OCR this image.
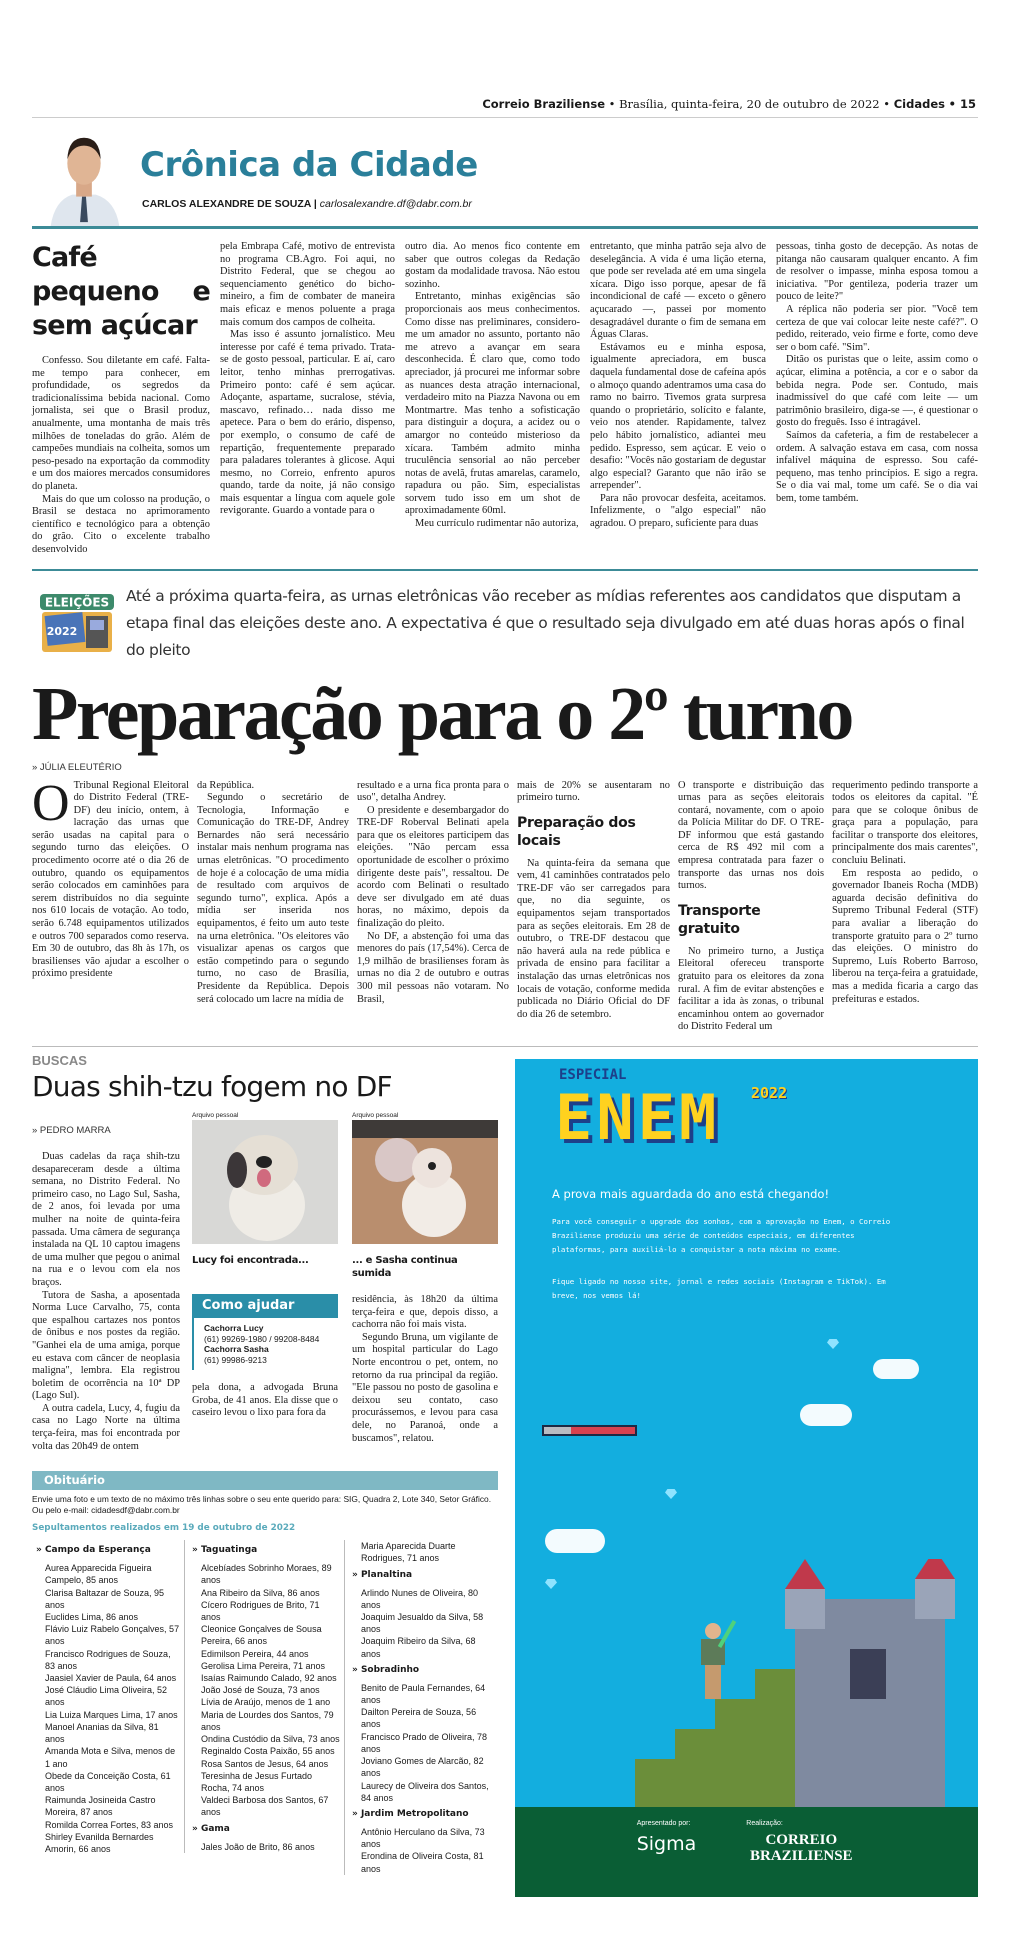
Correio Braziliense • Brasília, quinta-feira, 20 de outubro de 2022 • Cidades • 15
Crônica da Cidade
CARLOS ALEXANDRE DE SOUZA | carlosalexandre.df@dabr.com.br
Café pequeno e sem açúcar

Confesso. Sou diletante em café. Falta-me tempo para conhecer, em profundidade, os segredos da tradicionalíssima bebida nacional. Como jornalista, sei que o Brasil produz, anualmente, uma montanha de mais três milhões de toneladas do grão. Além de campeões mundiais na colheita, somos um peso-pesado na exportação da commodity e um dos maiores mercados consumidores do planeta.

Mais do que um colosso na produção, o Brasil se destaca no aprimoramento científico e tecnológico para a obtenção do grão. Cito o excelente trabalho desenvolvido

pela Embrapa Café, motivo de entrevista no programa CB.Agro. Foi aqui, no Distrito Federal, que se chegou ao sequenciamento genético do bicho-mineiro, a fim de combater de maneira mais eficaz e menos poluente a praga mais comum dos campos de colheita.

Mas isso é assunto jornalístico. Meu interesse por café é tema privado. Trata-se de gosto pessoal, particular. E aí, caro leitor, tenho minhas prerrogativas. Primeiro ponto: café é sem açúcar. Adoçante, aspartame, sucralose, stévia, mascavo, refinado… nada disso me apetece. Para o bem do erário, dispenso, por exemplo, o consumo de café de repartição, frequentemente preparado para paladares tolerantes à glicose. Aqui mesmo, no Correio, enfrento apuros quando, tarde da noite, já não consigo mais esquentar a língua com aquele gole revigorante. Guardo a vontade para o

outro dia. Ao menos fico contente em saber que outros colegas da Redação gostam da modalidade travosa. Não estou sozinho.

Entretanto, minhas exigências são proporcionais aos meus conhecimentos. Como disse nas preliminares, considero-me um amador no assunto, portanto não me atrevo a avançar em seara desconhecida. É claro que, como todo apreciador, já procurei me informar sobre as nuances desta atração internacional, verdadeiro mito na Piazza Navona ou em Montmartre. Mas tenho a sofisticação para distinguir a doçura, a acidez ou o amargor no conteúdo misterioso da xícara. Também admito minha truculência sensorial ao não perceber notas de avelã, frutas amarelas, caramelo, rapadura ou pão. Sim, especialistas sorvem tudo isso em um shot de aproximadamente 60ml.

Meu currículo rudimentar não autoriza,

entretanto, que minha patrão seja alvo de deselegância. A vida é uma lição eterna, que pode ser revelada até em uma singela xícara. Digo isso porque, apesar de fã incondicional de café — exceto o gênero açucarado —, passei por momento desagradável durante o fim de semana em Águas Claras.

Estávamos eu e minha esposa, igualmente apreciadora, em busca daquela fundamental dose de cafeína após o almoço quando adentramos uma casa do ramo no bairro. Tivemos grata surpresa quando o proprietário, solícito e falante, veio nos atender. Rapidamente, talvez pelo hábito jornalístico, adiantei meu pedido. Espresso, sem açúcar. E veio o desafio: "Vocês não gostariam de degustar algo especial? Garanto que não irão se arrepender".

Para não provocar desfeita, aceitamos. Infelizmente, o "algo especial" não agradou. O preparo, suficiente para duas

pessoas, tinha gosto de decepção. As notas de pitanga não causaram qualquer encanto. A fim de resolver o impasse, minha esposa tomou a iniciativa. "Por gentileza, poderia trazer um pouco de leite?"

A réplica não poderia ser pior. "Você tem certeza de que vai colocar leite neste café?". O pedido, reiterado, veio firme e forte, como deve ser o bom café. "Sim".

Ditão os puristas que o leite, assim como o açúcar, elimina a potência, a cor e o sabor da bebida negra. Pode ser. Contudo, mais inadmissível do que café com leite — um patrimônio brasileiro, diga-se —, é questionar o gosto do freguês. Isso é intragável.

Saímos da cafeteria, a fim de restabelecer a ordem. A salvação estava em casa, com nossa infalível máquina de espresso. Sou café-pequeno, mas tenho princípios. E sigo a regra. Se o dia vai mal, tome um café. Se o dia vai bem, tome também.

ELEIÇÕES
2022
Até a próxima quarta-feira, as urnas eletrônicas vão receber as mídias referentes aos candidatos que disputam a etapa final das eleições deste ano. A expectativa é que o resultado seja divulgado em até duas horas após o final do pleito
Preparação para o 2º turno
» JÚLIA ELEUTÉRIO
O Tribunal Regional Eleitoral do Distrito Federal (TRE-DF) deu início, ontem, à lacração das urnas que serão usadas na capital para o segundo turno das eleições. O procedimento ocorre até o dia 26 de outubro, quando os equipamentos serão colocados em caminhões para serem distribuídos no dia seguinte nos 610 locais de votação. Ao todo, serão 6.748 equipamentos utilizados e outros 700 separados como reserva. Em 30 de outubro, das 8h às 17h, os brasilienses vão ajudar a escolher o próximo presidente

da República.

Segundo o secretário de Tecnologia, Informação e Comunicação do TRE-DF, Andrey Bernardes não será necessário instalar mais nenhum programa nas urnas eletrônicas. "O procedimento de hoje é a colocação de uma mídia de resultado com arquivos de segundo turno", explica. Após a mídia ser inserida nos equipamentos, é feito um auto teste na urna eletrônica. "Os eleitores vão visualizar apenas os cargos que estão competindo para o segundo turno, no caso de Brasília, Presidente da República. Depois será colocado um lacre na mídia de

resultado e a urna fica pronta para o uso", detalha Andrey.

O presidente e desembargador do TRE-DF Roberval Belinati apela para que os eleitores participem das eleições. "Não percam essa oportunidade de escolher o próximo dirigente deste país", ressaltou. De acordo com Belinati o resultado deve ser divulgado em até duas horas, no máximo, depois da finalização do pleito.

No DF, a abstenção foi uma das menores do país (17,54%). Cerca de 1,9 milhão de brasilienses foram às urnas no dia 2 de outubro e outras 300 mil pessoas não votaram. No Brasil,

mais de 20% se ausentaram no primeiro turno.

Preparação dos locais

Na quinta-feira da semana que vem, 41 caminhões contratados pelo TRE-DF vão ser carregados para que, no dia seguinte, os equipamentos sejam transportados para as seções eleitorais. Em 28 de outubro, o TRE-DF destacou que não haverá aula na rede pública e privada de ensino para facilitar a instalação das urnas eletrônicas nos locais de votação, conforme medida publicada no Diário Oficial do DF do dia 26 de setembro.

O transporte e distribuição das urnas para as seções eleitorais contará, novamente, com o apoio da Polícia Militar do DF. O TRE-DF informou que está gastando cerca de R$ 492 mil com a empresa contratada para fazer o transporte das urnas nos dois turnos.

Transporte gratuito

No primeiro turno, a Justiça Eleitoral ofereceu transporte gratuito para os eleitores da zona rural. A fim de evitar abstenções e facilitar a ida às zonas, o tribunal encaminhou ontem ao governador do Distrito Federal um

requerimento pedindo transporte a todos os eleitores da capital. "É para que se coloque ônibus de graça para a população, para facilitar o transporte dos eleitores, principalmente dos mais carentes", concluiu Belinati.

Em resposta ao pedido, o governador Ibaneis Rocha (MDB) aguarda decisão definitiva do Supremo Tribunal Federal (STF) para avaliar a liberação do transporte gratuito para o 2º turno das eleições. O ministro do Supremo, Luís Roberto Barroso, liberou na terça-feira a gratuidade, mas a medida ficaria a cargo das prefeituras e estados.

BUSCAS
Duas shih-tzu fogem no DF
» PEDRO MARRA

Duas cadelas da raça shih-tzu desapareceram desde a última semana, no Distrito Federal. No primeiro caso, no Lago Sul, Sasha, de 2 anos, foi levada por uma mulher na noite de quinta-feira passada. Uma câmera de segurança instalada na QL 10 captou imagens de uma mulher que pegou o animal na rua e o levou com ela nos braços.

Tutora de Sasha, a aposentada Norma Luce Carvalho, 75, conta que espalhou cartazes nos pontos de ônibus e nos postes da região. "Ganhei ela de uma amiga, porque eu estava com câncer de neoplasia maligna", lembra. Ela registrou boletim de ocorrência na 10ª DP (Lago Sul).

A outra cadela, Lucy, 4, fugiu da casa no Lago Norte na última terça-feira, mas foi encontrada por volta das 20h49 de ontem

Arquivo pessoal
Lucy foi encontrada...
Arquivo pessoal
... e Sasha continua sumida
Como ajudar
Cachorra Lucy
(61) 99269-1980 / 99208-8484
Cachorra Sasha
(61) 99986-9213

pela dona, a advogada Bruna Groba, de 41 anos. Ela disse que o caseiro levou o lixo para fora da

residência, às 18h20 da última terça-feira e que, depois disso, a cachorra não foi mais vista.

Segundo Bruna, um vigilante de um hospital particular do Lago Norte encontrou o pet, ontem, no retorno da rua principal da região. "Ele passou no posto de gasolina e deixou seu contato, caso procurássemos, e levou para casa dele, no Paranoá, onde a buscamos", relatou.

Obituário
Envie uma foto e um texto de no máximo três linhas sobre o seu ente querido para: SIG, Quadra 2, Lote 340, Setor Gráfico. Ou pelo e-mail: cidadesdf@dabr.com.br
Sepultamentos realizados em 19 de outubro de 2022
» Campo da Esperança
Aurea Apparecida Figueira Campelo, 85 anos
Clarisa Baltazar de Souza, 95 anos
Euclides Lima, 86 anos
Flávio Luiz Rabelo Gonçalves, 57 anos
Francisco Rodrigues de Souza, 83 anos
Jaasiel Xavier de Paula, 64 anos
José Cláudio Lima Oliveira, 52 anos
Lia Luiza Marques Lima, 17 anos
Manoel Ananias da Silva, 81 anos
Amanda Mota e Silva, menos de 1 ano
Obede da Conceição Costa, 61 anos
Raimunda Josineida Castro Moreira, 87 anos
Romilda Correa Fortes, 83 anos
Shirley Evanilda Bernardes Amorin, 66 anos
» Taguatinga
Alcebíades Sobrinho Moraes, 89 anos
Ana Ribeiro da Silva, 86 anos
Cícero Rodrigues de Brito, 71 anos
Cleonice Gonçalves de Sousa Pereira, 66 anos
Edimilson Pereira, 44 anos
Gerolisa Lima Pereira, 71 anos
Isaías Raimundo Calado, 92 anos
João José de Souza, 73 anos
Lívia de Araújo, menos de 1 ano
Maria de Lourdes dos Santos, 79 anos
Ondina Custódio da Silva, 73 anos
Reginaldo Costa Paixão, 55 anos
Rosa Santos de Jesus, 64 anos
Teresinha de Jesus Furtado Rocha, 74 anos
Valdeci Barbosa dos Santos, 67 anos
» Gama
Jales João de Brito, 86 anos
Maria Aparecida Duarte Rodrigues, 71 anos
» Planaltina
Arlindo Nunes de Oliveira, 80 anos
Joaquim Jesualdo da Silva, 58 anos
Joaquim Ribeiro da Silva, 68 anos
» Sobradinho
Benito de Paula Fernandes, 64 anos
Dailton Pereira de Souza, 56 anos
Francisco Prado de Oliveira, 78 anos
Joviano Gomes de Alarcão, 82 anos
Laurecy de Oliveira dos Santos, 84 anos
» Jardim Metropolitano
Antônio Herculano da Silva, 73 anos
Erondina de Oliveira Costa, 81 anos
ESPECIAL
ENEM 2022
A prova mais aguardada do ano está chegando!
Para você conseguir o upgrade dos sonhos, com a aprovação no Enem, o Correio Braziliense produziu uma série de conteúdos especiais, em diferentes plataformas, para auxiliá-lo a conquistar a nota máxima no exame.
Fique ligado no nosso site, jornal e redes sociais (Instagram e TikTok). Em breve, nos vemos lá!
Apresentado por:
Sigma
Realização:
CORREIO BRAZILIENSE
